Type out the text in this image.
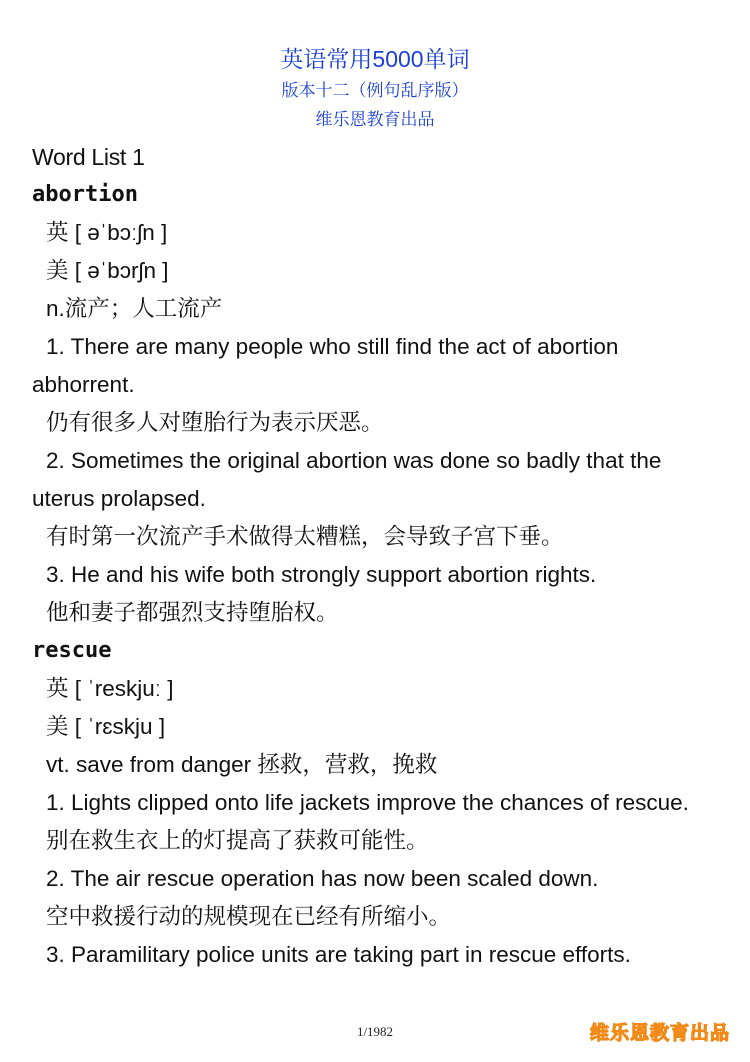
英语常用5000单词
版本十二（例句乱序版）
维乐恩教育出品
Word List 1
abortion
英 [ əˈbɔːʃn ]
美 [ əˈbɔrʃn ]
n.流产；人工流产
1. There are many people who still find the act of abortion abhorrent.
仍有很多人对堕胎行为表示厌恶。
2. Sometimes the original abortion was done so badly that the uterus prolapsed.
有时第一次流产手术做得太糟糕，会导致子宫下垂。
3. He and his wife both strongly support abortion rights.
他和妻子都强烈支持堕胎权。
rescue
英 [ ˈreskjuː ]
美 [ ˈrɛskju ]
vt. save from danger 拯救，营救，挽救
1. Lights clipped onto life jackets improve the chances of rescue.
别在救生衣上的灯提高了获救可能性。
2. The air rescue operation has now been scaled down.
空中救援行动的规模现在已经有所缩小。
3. Paramilitary police units are taking part in rescue efforts.
1/1982	维乐恩教育出品
